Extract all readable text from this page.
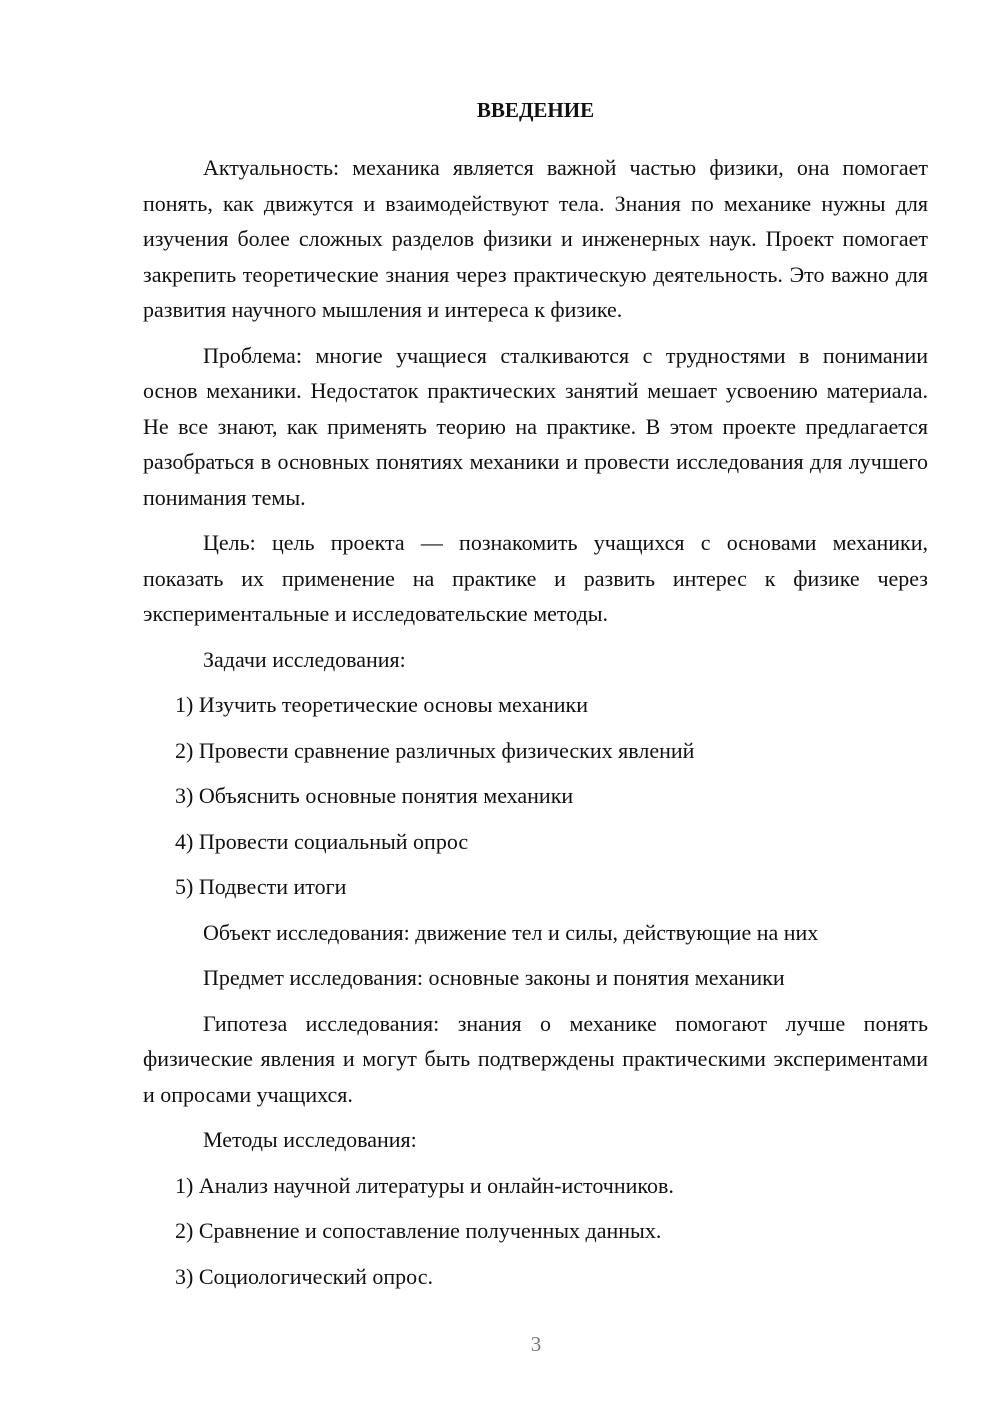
ВВЕДЕНИЕ

Актуальность: механика является важной частью физики, она помогает понять, как движутся и взаимодействуют тела. Знания по механике нужны для изучения более сложных разделов физики и инженерных наук. Проект помогает закрепить теоретические знания через практическую деятельность. Это важно для развития научного мышления и интереса к физике.

Проблема: многие учащиеся сталкиваются с трудностями в понимании основ механики. Недостаток практических занятий мешает усвоению материала. Не все знают, как применять теорию на практике. В этом проекте предлагается разобраться в основных понятиях механики и провести исследования для лучшего понимания темы.

Цель: цель проекта — познакомить учащихся с основами механики, показать их применение на практике и развить интерес к физике через экспериментальные и исследовательские методы.

Задачи исследования:

1) Изучить теоретические основы механики

2) Провести сравнение различных физических явлений

3) Объяснить основные понятия механики

4) Провести социальный опрос

5) Подвести итоги

Объект исследования: движение тел и силы, действующие на них

Предмет исследования: основные законы и понятия механики

Гипотеза исследования: знания о механике помогают лучше понять физические явления и могут быть подтверждены практическими экспериментами и опросами учащихся.

Методы исследования:

1) Анализ научной литературы и онлайн-источников.

2) Сравнение и сопоставление полученных данных.

3) Социологический опрос.

3
